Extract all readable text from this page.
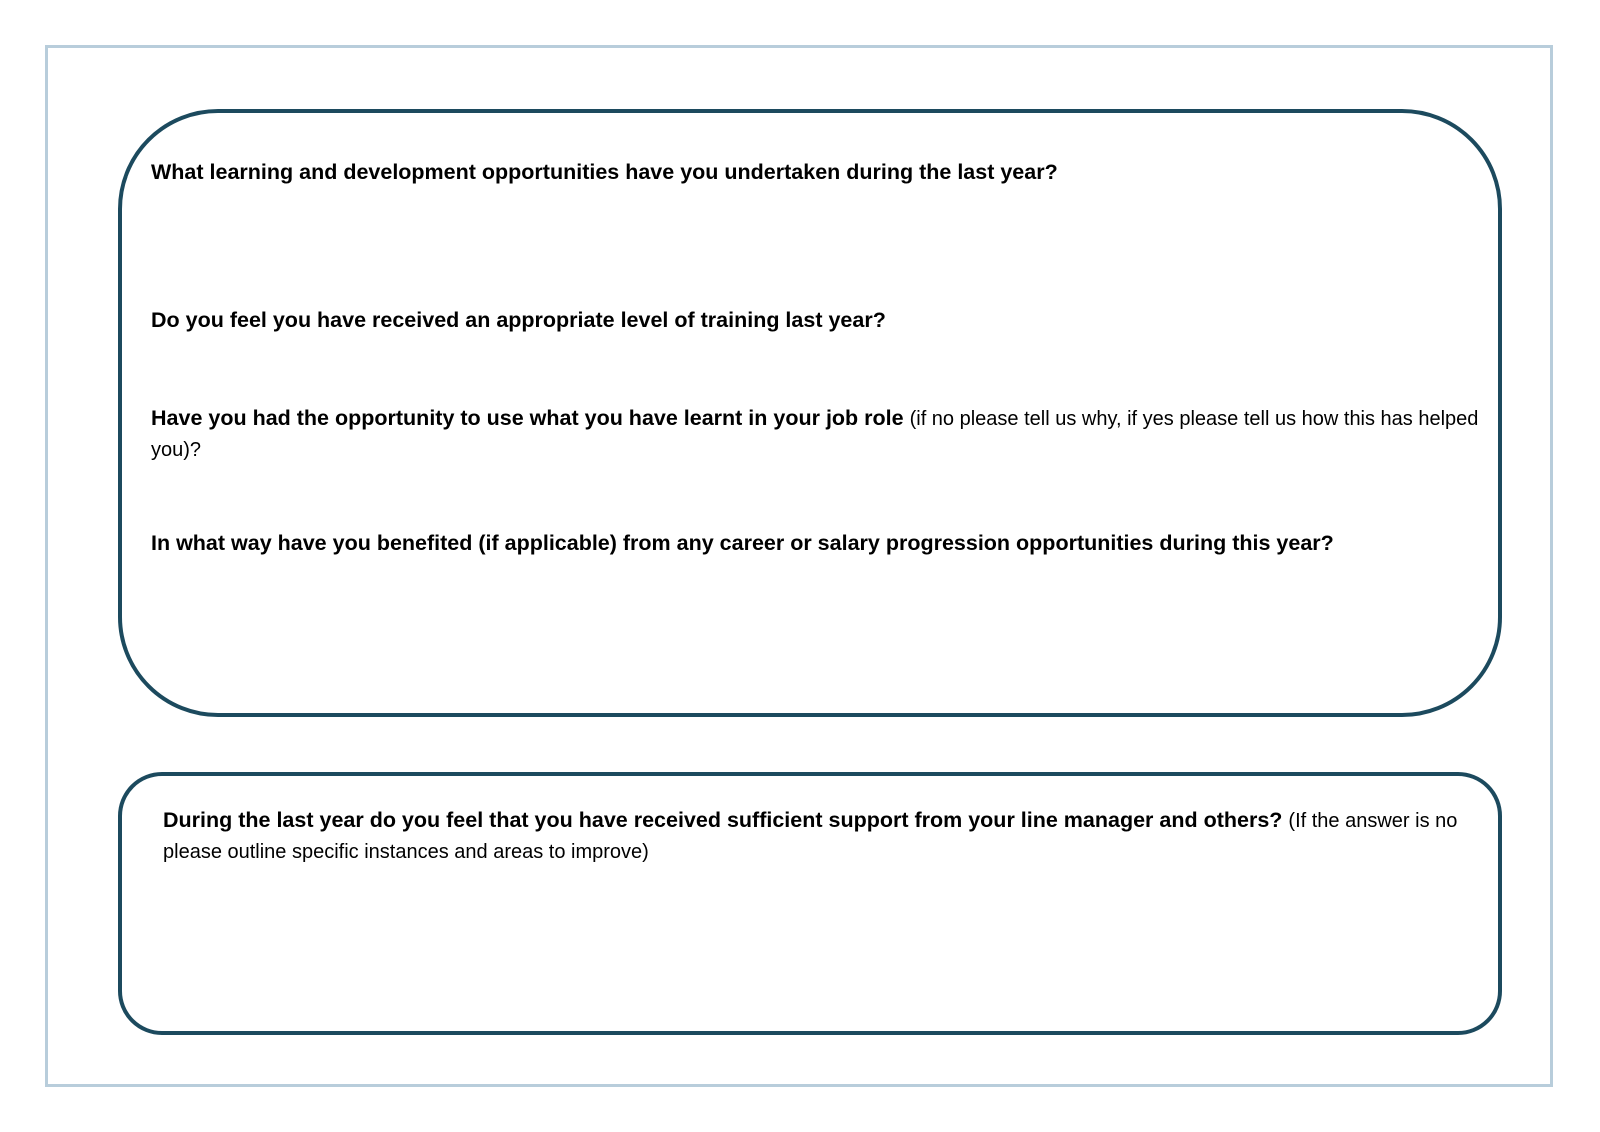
What learning and development opportunities have you undertaken during the last year?

Do you feel you have received an appropriate level of training last year?

Have you had the opportunity to use what you have learnt in your job role (if no please tell us why, if yes please tell us how this has helped you)?

In what way have you benefited (if applicable) from any career or salary progression opportunities during this year?

During the last year do you feel that you have received sufficient support from your line manager and others? (If the answer is no please outline specific instances and areas to improve)
